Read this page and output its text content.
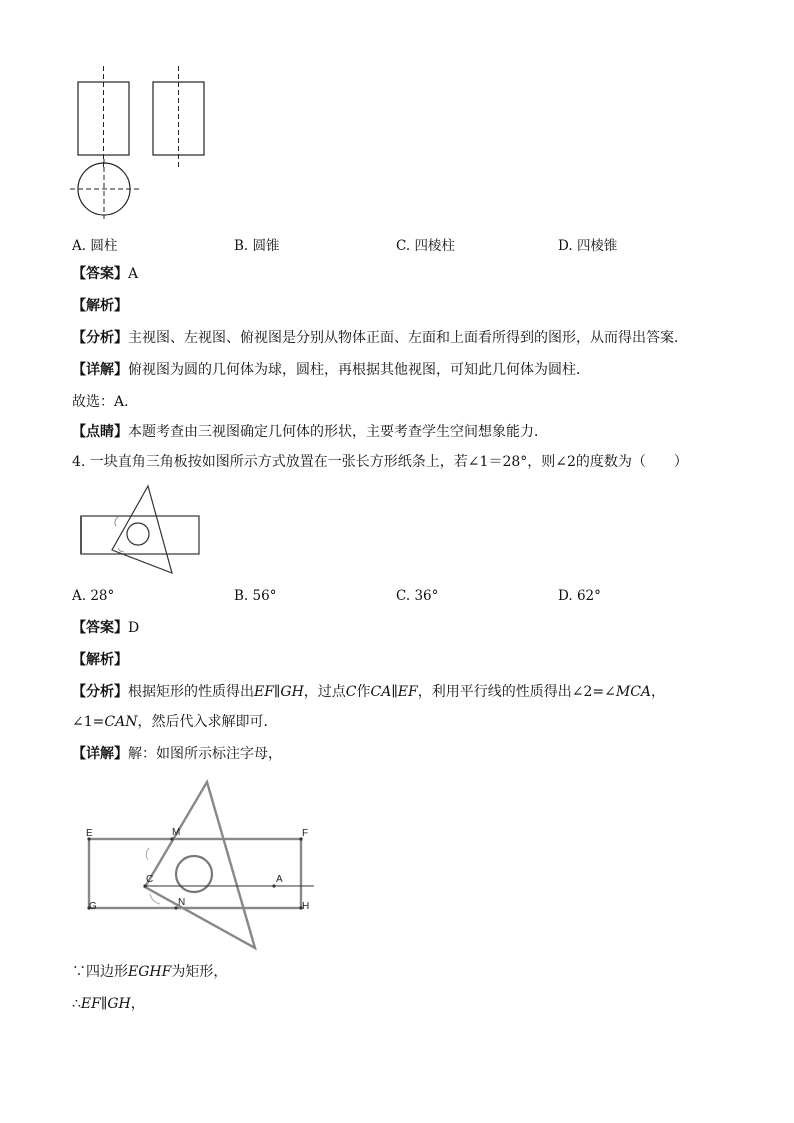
A. 圆柱	B. 圆锥	C. 四棱柱	D. 四棱锥
【答案】A
【解析】
【分析】主视图、左视图、俯视图是分别从物体正面、左面和上面看所得到的图形，从而得出答案．
【详解】俯视图为圆的几何体为球，圆柱，再根据其他视图，可知此几何体为圆柱．
故选：A．
【点睛】本题考查由三视图确定几何体的形状，主要考查学生空间想象能力．
4. 一块直角三角板按如图所示方式放置在一张长方形纸条上，若∠1＝28°，则∠2的度数为（　　）
A. 28°	B. 56°	C. 36°	D. 62°
【答案】D
【解析】
【分析】根据矩形的性质得出EF∥GH，过点C作CA∥EF，利用平行线的性质得出∠2=∠MCA，
∠1=CAN，然后代入求解即可．
【详解】解：如图所示标注字母，
E	M	F
C	A
G	N	H
∵四边形EGHF为矩形，
∴EF∥GH，
